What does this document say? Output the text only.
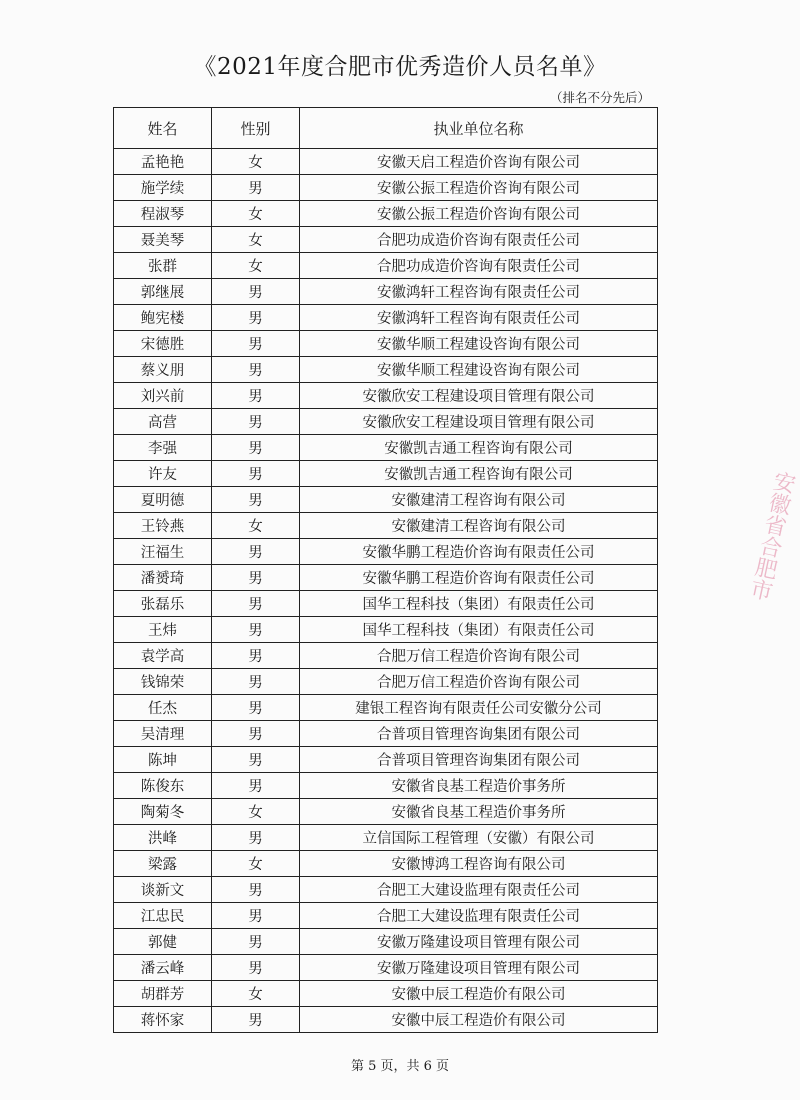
《2021年度合肥市优秀造价人员名单》
（排名不分先后）
姓名	性别	执业单位名称
孟艳艳	女	安徽天启工程造价咨询有限公司
施学续	男	安徽公振工程造价咨询有限公司
程淑琴	女	安徽公振工程造价咨询有限公司
聂美琴	女	合肥功成造价咨询有限责任公司
张群	女	合肥功成造价咨询有限责任公司
郭继展	男	安徽鸿轩工程咨询有限责任公司
鲍宪楼	男	安徽鸿轩工程咨询有限责任公司
宋德胜	男	安徽华顺工程建设咨询有限公司
蔡义朋	男	安徽华顺工程建设咨询有限公司
刘兴前	男	安徽欣安工程建设项目管理有限公司
高营	男	安徽欣安工程建设项目管理有限公司
李强	男	安徽凯吉通工程咨询有限公司
许友	男	安徽凯吉通工程咨询有限公司
夏明德	男	安徽建清工程咨询有限公司
王铃燕	女	安徽建清工程咨询有限公司
汪福生	男	安徽华鹏工程造价咨询有限责任公司
潘赟琦	男	安徽华鹏工程造价咨询有限责任公司
张磊乐	男	国华工程科技（集团）有限责任公司
王炜	男	国华工程科技（集团）有限责任公司
袁学高	男	合肥万信工程造价咨询有限公司
钱锦荣	男	合肥万信工程造价咨询有限公司
任杰	男	建银工程咨询有限责任公司安徽分公司
吴清理	男	合普项目管理咨询集团有限公司
陈坤	男	合普项目管理咨询集团有限公司
陈俊东	男	安徽省良基工程造价事务所
陶菊冬	女	安徽省良基工程造价事务所
洪峰	男	立信国际工程管理（安徽）有限公司
梁露	女	安徽博鸿工程咨询有限公司
谈新文	男	合肥工大建设监理有限责任公司
江忠民	男	合肥工大建设监理有限责任公司
郭健	男	安徽万隆建设项目管理有限公司
潘云峰	男	安徽万隆建设项目管理有限公司
胡群芳	女	安徽中辰工程造价有限公司
蒋怀家	男	安徽中辰工程造价有限公司
安徽省合肥市
第 5 页，共 6 页
